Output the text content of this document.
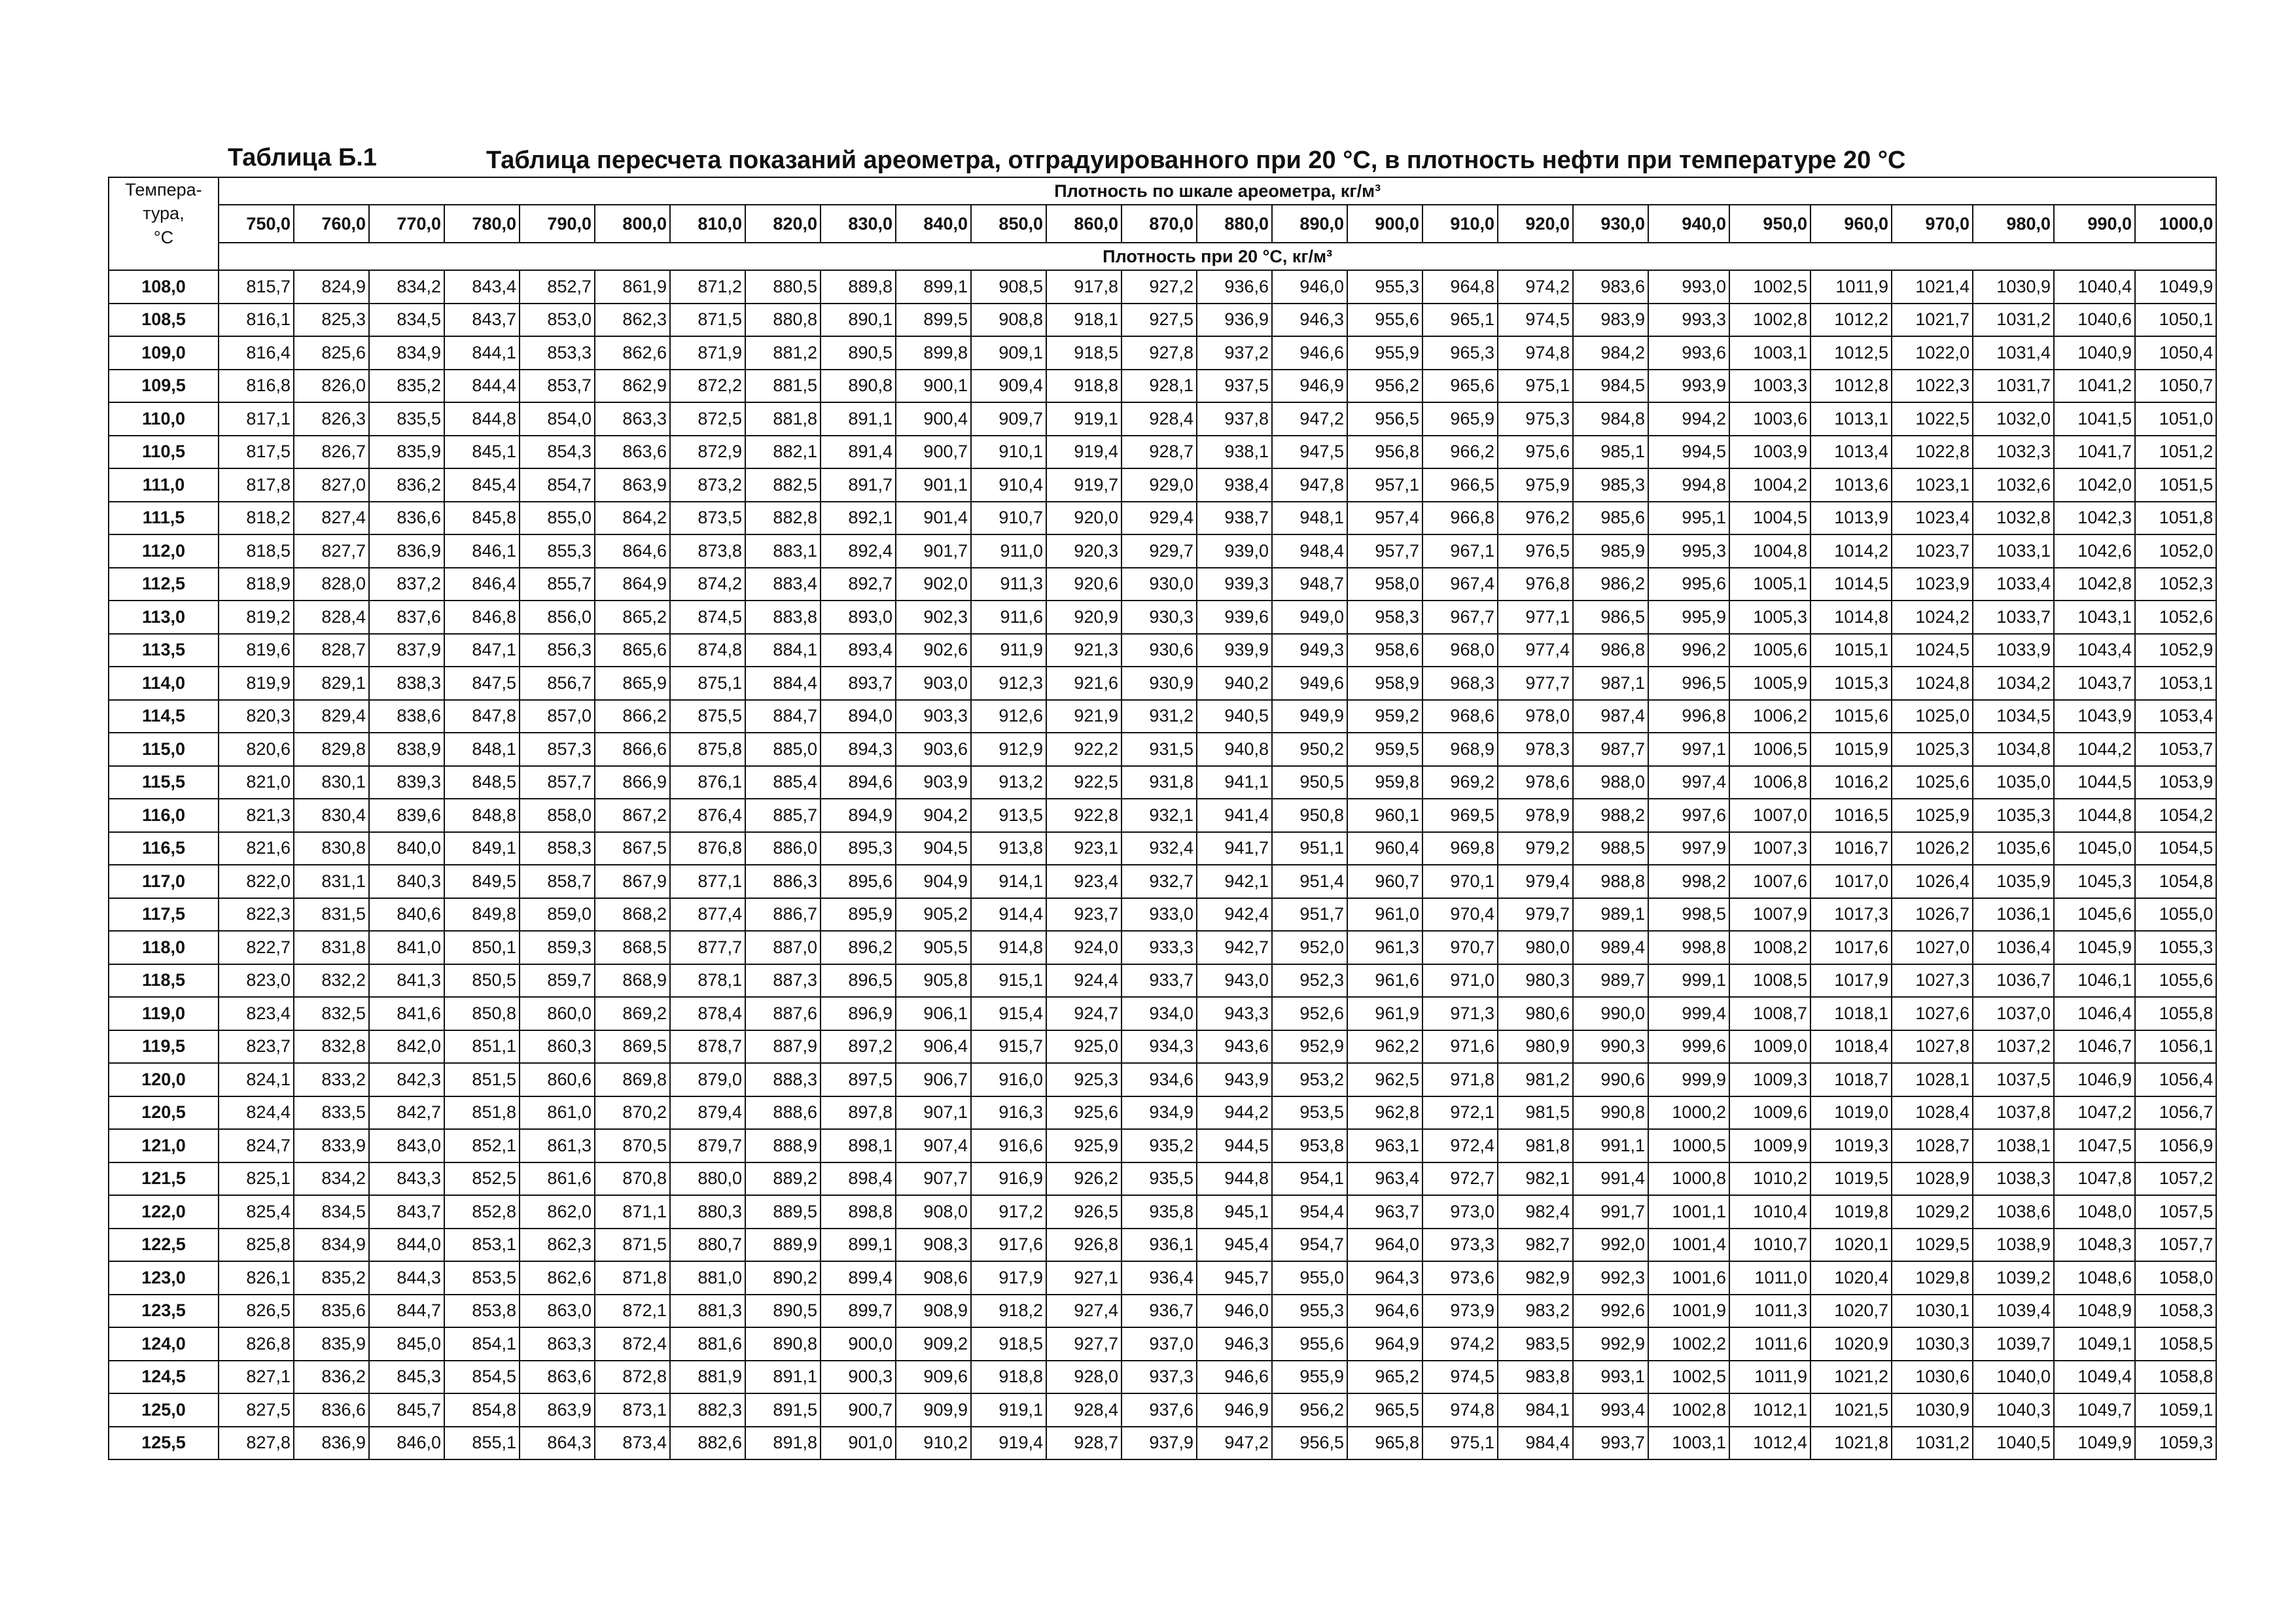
Таблица Б.1	Таблица пересчета показаний ареометра, отградуированного при 20 °С, в плотность нефти при температуре 20 °С
Темпера-
тура,
°С	Плотность по шкале ареометра, кг/м³																									
	750,0	760,0	770,0	780,0	790,0	800,0	810,0	820,0	830,0	840,0	850,0	860,0	870,0	880,0	890,0	900,0	910,0	920,0	930,0	940,0	950,0	960,0	970,0	980,0	990,0	1000,0
	Плотность при 20 °С, кг/м³																									
108,0	815,7	824,9	834,2	843,4	852,7	861,9	871,2	880,5	889,8	899,1	908,5	917,8	927,2	936,6	946,0	955,3	964,8	974,2	983,6	993,0	1002,5	1011,9	1021,4	1030,9	1040,4	1049,9
108,5	816,1	825,3	834,5	843,7	853,0	862,3	871,5	880,8	890,1	899,5	908,8	918,1	927,5	936,9	946,3	955,6	965,1	974,5	983,9	993,3	1002,8	1012,2	1021,7	1031,2	1040,6	1050,1
109,0	816,4	825,6	834,9	844,1	853,3	862,6	871,9	881,2	890,5	899,8	909,1	918,5	927,8	937,2	946,6	955,9	965,3	974,8	984,2	993,6	1003,1	1012,5	1022,0	1031,4	1040,9	1050,4
109,5	816,8	826,0	835,2	844,4	853,7	862,9	872,2	881,5	890,8	900,1	909,4	918,8	928,1	937,5	946,9	956,2	965,6	975,1	984,5	993,9	1003,3	1012,8	1022,3	1031,7	1041,2	1050,7
110,0	817,1	826,3	835,5	844,8	854,0	863,3	872,5	881,8	891,1	900,4	909,7	919,1	928,4	937,8	947,2	956,5	965,9	975,3	984,8	994,2	1003,6	1013,1	1022,5	1032,0	1041,5	1051,0
110,5	817,5	826,7	835,9	845,1	854,3	863,6	872,9	882,1	891,4	900,7	910,1	919,4	928,7	938,1	947,5	956,8	966,2	975,6	985,1	994,5	1003,9	1013,4	1022,8	1032,3	1041,7	1051,2
111,0	817,8	827,0	836,2	845,4	854,7	863,9	873,2	882,5	891,7	901,1	910,4	919,7	929,0	938,4	947,8	957,1	966,5	975,9	985,3	994,8	1004,2	1013,6	1023,1	1032,6	1042,0	1051,5
111,5	818,2	827,4	836,6	845,8	855,0	864,2	873,5	882,8	892,1	901,4	910,7	920,0	929,4	938,7	948,1	957,4	966,8	976,2	985,6	995,1	1004,5	1013,9	1023,4	1032,8	1042,3	1051,8
112,0	818,5	827,7	836,9	846,1	855,3	864,6	873,8	883,1	892,4	901,7	911,0	920,3	929,7	939,0	948,4	957,7	967,1	976,5	985,9	995,3	1004,8	1014,2	1023,7	1033,1	1042,6	1052,0
112,5	818,9	828,0	837,2	846,4	855,7	864,9	874,2	883,4	892,7	902,0	911,3	920,6	930,0	939,3	948,7	958,0	967,4	976,8	986,2	995,6	1005,1	1014,5	1023,9	1033,4	1042,8	1052,3
113,0	819,2	828,4	837,6	846,8	856,0	865,2	874,5	883,8	893,0	902,3	911,6	920,9	930,3	939,6	949,0	958,3	967,7	977,1	986,5	995,9	1005,3	1014,8	1024,2	1033,7	1043,1	1052,6
113,5	819,6	828,7	837,9	847,1	856,3	865,6	874,8	884,1	893,4	902,6	911,9	921,3	930,6	939,9	949,3	958,6	968,0	977,4	986,8	996,2	1005,6	1015,1	1024,5	1033,9	1043,4	1052,9
114,0	819,9	829,1	838,3	847,5	856,7	865,9	875,1	884,4	893,7	903,0	912,3	921,6	930,9	940,2	949,6	958,9	968,3	977,7	987,1	996,5	1005,9	1015,3	1024,8	1034,2	1043,7	1053,1
114,5	820,3	829,4	838,6	847,8	857,0	866,2	875,5	884,7	894,0	903,3	912,6	921,9	931,2	940,5	949,9	959,2	968,6	978,0	987,4	996,8	1006,2	1015,6	1025,0	1034,5	1043,9	1053,4
115,0	820,6	829,8	838,9	848,1	857,3	866,6	875,8	885,0	894,3	903,6	912,9	922,2	931,5	940,8	950,2	959,5	968,9	978,3	987,7	997,1	1006,5	1015,9	1025,3	1034,8	1044,2	1053,7
115,5	821,0	830,1	839,3	848,5	857,7	866,9	876,1	885,4	894,6	903,9	913,2	922,5	931,8	941,1	950,5	959,8	969,2	978,6	988,0	997,4	1006,8	1016,2	1025,6	1035,0	1044,5	1053,9
116,0	821,3	830,4	839,6	848,8	858,0	867,2	876,4	885,7	894,9	904,2	913,5	922,8	932,1	941,4	950,8	960,1	969,5	978,9	988,2	997,6	1007,0	1016,5	1025,9	1035,3	1044,8	1054,2
116,5	821,6	830,8	840,0	849,1	858,3	867,5	876,8	886,0	895,3	904,5	913,8	923,1	932,4	941,7	951,1	960,4	969,8	979,2	988,5	997,9	1007,3	1016,7	1026,2	1035,6	1045,0	1054,5
117,0	822,0	831,1	840,3	849,5	858,7	867,9	877,1	886,3	895,6	904,9	914,1	923,4	932,7	942,1	951,4	960,7	970,1	979,4	988,8	998,2	1007,6	1017,0	1026,4	1035,9	1045,3	1054,8
117,5	822,3	831,5	840,6	849,8	859,0	868,2	877,4	886,7	895,9	905,2	914,4	923,7	933,0	942,4	951,7	961,0	970,4	979,7	989,1	998,5	1007,9	1017,3	1026,7	1036,1	1045,6	1055,0
118,0	822,7	831,8	841,0	850,1	859,3	868,5	877,7	887,0	896,2	905,5	914,8	924,0	933,3	942,7	952,0	961,3	970,7	980,0	989,4	998,8	1008,2	1017,6	1027,0	1036,4	1045,9	1055,3
118,5	823,0	832,2	841,3	850,5	859,7	868,9	878,1	887,3	896,5	905,8	915,1	924,4	933,7	943,0	952,3	961,6	971,0	980,3	989,7	999,1	1008,5	1017,9	1027,3	1036,7	1046,1	1055,6
119,0	823,4	832,5	841,6	850,8	860,0	869,2	878,4	887,6	896,9	906,1	915,4	924,7	934,0	943,3	952,6	961,9	971,3	980,6	990,0	999,4	1008,7	1018,1	1027,6	1037,0	1046,4	1055,8
119,5	823,7	832,8	842,0	851,1	860,3	869,5	878,7	887,9	897,2	906,4	915,7	925,0	934,3	943,6	952,9	962,2	971,6	980,9	990,3	999,6	1009,0	1018,4	1027,8	1037,2	1046,7	1056,1
120,0	824,1	833,2	842,3	851,5	860,6	869,8	879,0	888,3	897,5	906,7	916,0	925,3	934,6	943,9	953,2	962,5	971,8	981,2	990,6	999,9	1009,3	1018,7	1028,1	1037,5	1046,9	1056,4
120,5	824,4	833,5	842,7	851,8	861,0	870,2	879,4	888,6	897,8	907,1	916,3	925,6	934,9	944,2	953,5	962,8	972,1	981,5	990,8	1000,2	1009,6	1019,0	1028,4	1037,8	1047,2	1056,7
121,0	824,7	833,9	843,0	852,1	861,3	870,5	879,7	888,9	898,1	907,4	916,6	925,9	935,2	944,5	953,8	963,1	972,4	981,8	991,1	1000,5	1009,9	1019,3	1028,7	1038,1	1047,5	1056,9
121,5	825,1	834,2	843,3	852,5	861,6	870,8	880,0	889,2	898,4	907,7	916,9	926,2	935,5	944,8	954,1	963,4	972,7	982,1	991,4	1000,8	1010,2	1019,5	1028,9	1038,3	1047,8	1057,2
122,0	825,4	834,5	843,7	852,8	862,0	871,1	880,3	889,5	898,8	908,0	917,2	926,5	935,8	945,1	954,4	963,7	973,0	982,4	991,7	1001,1	1010,4	1019,8	1029,2	1038,6	1048,0	1057,5
122,5	825,8	834,9	844,0	853,1	862,3	871,5	880,7	889,9	899,1	908,3	917,6	926,8	936,1	945,4	954,7	964,0	973,3	982,7	992,0	1001,4	1010,7	1020,1	1029,5	1038,9	1048,3	1057,7
123,0	826,1	835,2	844,3	853,5	862,6	871,8	881,0	890,2	899,4	908,6	917,9	927,1	936,4	945,7	955,0	964,3	973,6	982,9	992,3	1001,6	1011,0	1020,4	1029,8	1039,2	1048,6	1058,0
123,5	826,5	835,6	844,7	853,8	863,0	872,1	881,3	890,5	899,7	908,9	918,2	927,4	936,7	946,0	955,3	964,6	973,9	983,2	992,6	1001,9	1011,3	1020,7	1030,1	1039,4	1048,9	1058,3
124,0	826,8	835,9	845,0	854,1	863,3	872,4	881,6	890,8	900,0	909,2	918,5	927,7	937,0	946,3	955,6	964,9	974,2	983,5	992,9	1002,2	1011,6	1020,9	1030,3	1039,7	1049,1	1058,5
124,5	827,1	836,2	845,3	854,5	863,6	872,8	881,9	891,1	900,3	909,6	918,8	928,0	937,3	946,6	955,9	965,2	974,5	983,8	993,1	1002,5	1011,9	1021,2	1030,6	1040,0	1049,4	1058,8
125,0	827,5	836,6	845,7	854,8	863,9	873,1	882,3	891,5	900,7	909,9	919,1	928,4	937,6	946,9	956,2	965,5	974,8	984,1	993,4	1002,8	1012,1	1021,5	1030,9	1040,3	1049,7	1059,1
125,5	827,8	836,9	846,0	855,1	864,3	873,4	882,6	891,8	901,0	910,2	919,4	928,7	937,9	947,2	956,5	965,8	975,1	984,4	993,7	1003,1	1012,4	1021,8	1031,2	1040,5	1049,9	1059,3
